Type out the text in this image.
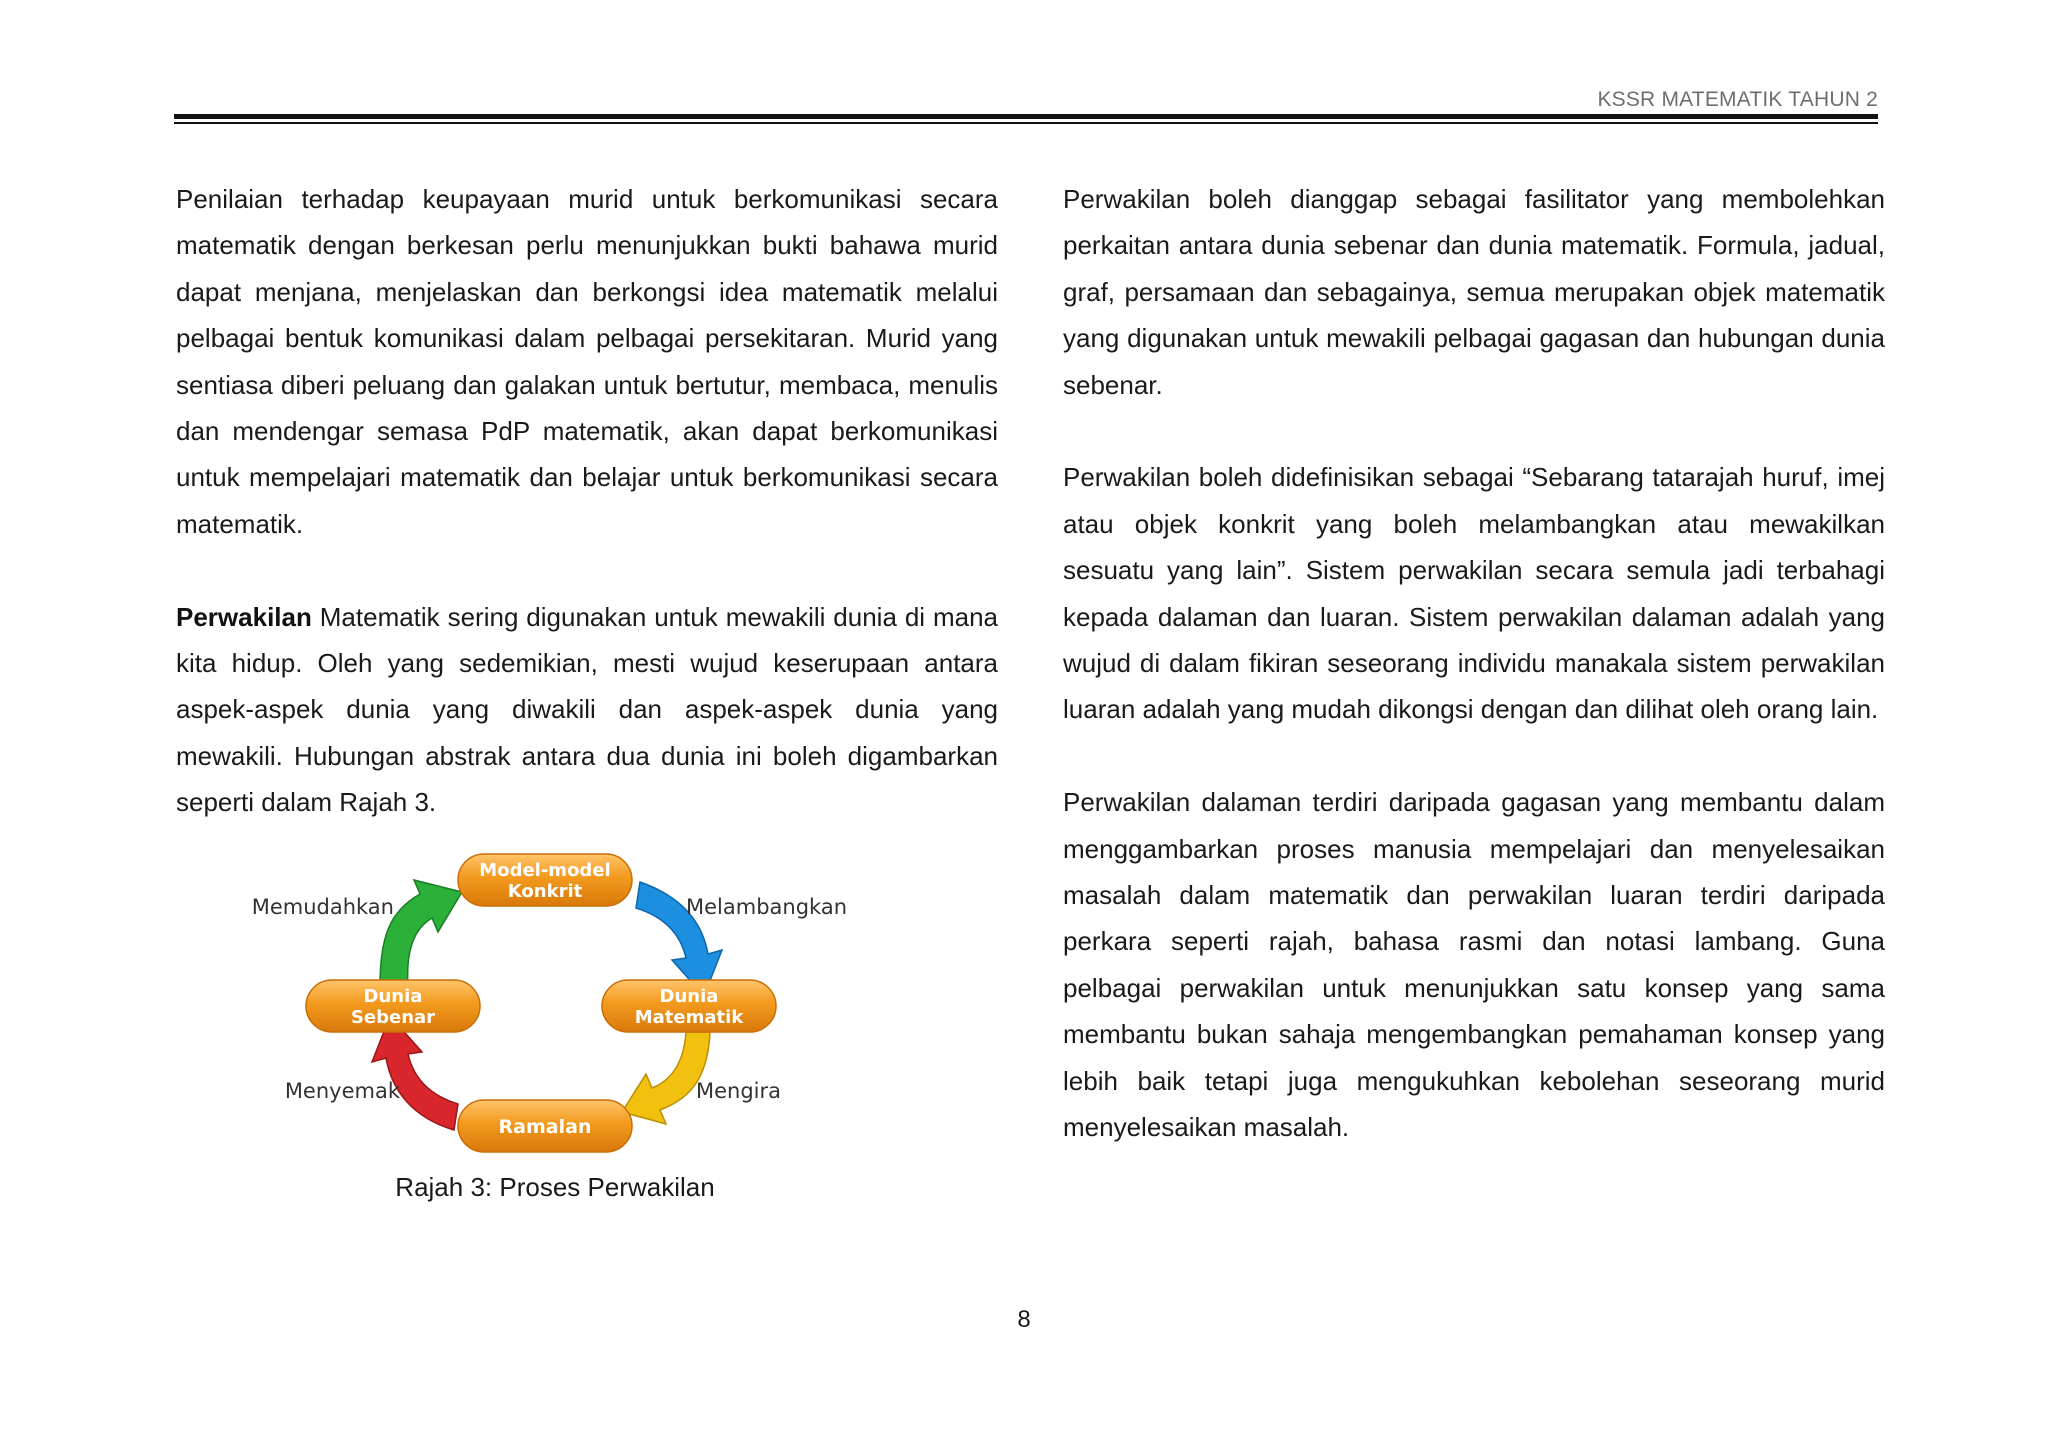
KSSR MATEMATIK TAHUN 2

Penilaian terhadap keupayaan murid untuk berkomunikasi secara matematik dengan berkesan perlu menunjukkan bukti bahawa murid dapat menjana, menjelaskan dan berkongsi idea matematik melalui pelbagai bentuk komunikasi dalam pelbagai persekitaran. Murid yang sentiasa diberi peluang dan galakan untuk bertutur, membaca, menulis dan mendengar semasa PdP matematik, akan dapat berkomunikasi untuk mempelajari matematik dan belajar untuk berkomunikasi secara matematik.

Perwakilan Matematik sering digunakan untuk mewakili dunia di mana kita hidup. Oleh yang sedemikian, mesti wujud keserupaan antara aspek-aspek dunia yang diwakili dan aspek-aspek dunia yang mewakili. Hubungan abstrak antara dua dunia ini boleh digambarkan seperti dalam Rajah 3.

Model-model
Konkrit
Dunia
Sebenar
Dunia
Matematik
Ramalan
Memudahkan	Melambangkan
Menyemak	Mengira
Rajah 3: Proses Perwakilan

Perwakilan boleh dianggap sebagai fasilitator yang membolehkan perkaitan antara dunia sebenar dan dunia matematik. Formula, jadual, graf, persamaan dan sebagainya, semua merupakan objek matematik yang digunakan untuk mewakili pelbagai gagasan dan hubungan dunia sebenar.

Perwakilan boleh didefinisikan sebagai “Sebarang tatarajah huruf, imej atau objek konkrit yang boleh melambangkan atau mewakilkan sesuatu yang lain”. Sistem perwakilan secara semula jadi terbahagi kepada dalaman dan luaran. Sistem perwakilan dalaman adalah yang wujud di dalam fikiran seseorang individu manakala sistem perwakilan luaran adalah yang mudah dikongsi dengan dan dilihat oleh orang lain.

Perwakilan dalaman terdiri daripada gagasan yang membantu dalam menggambarkan proses manusia mempelajari dan menyelesaikan masalah dalam matematik dan perwakilan luaran terdiri daripada perkara seperti rajah, bahasa rasmi dan notasi lambang. Guna pelbagai perwakilan untuk menunjukkan satu konsep yang sama membantu bukan sahaja mengembangkan pemahaman konsep yang lebih baik tetapi juga mengukuhkan kebolehan seseorang murid menyelesaikan masalah.

8
